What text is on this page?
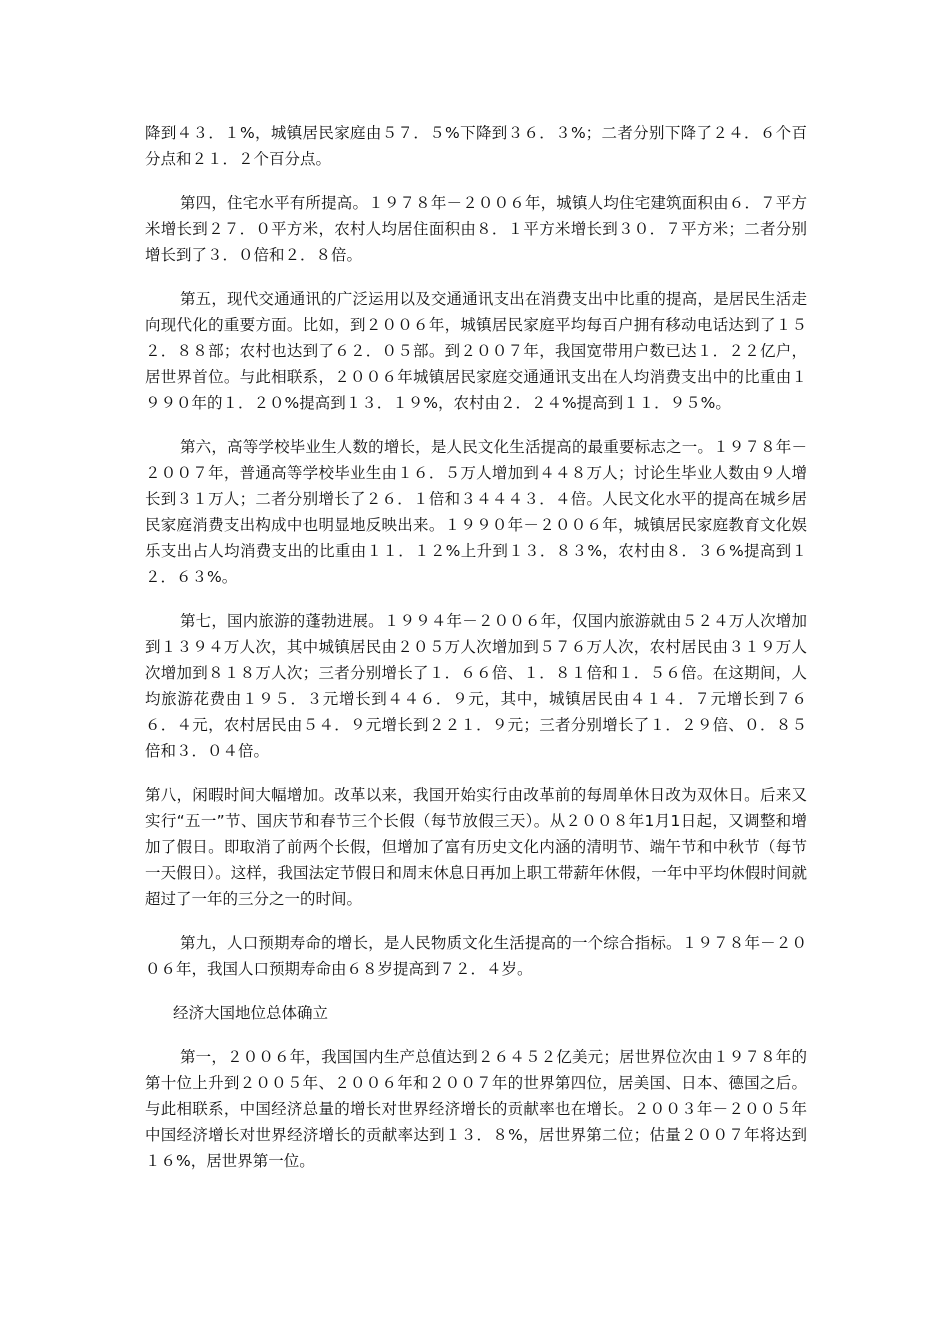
降到４３．１%，城镇居民家庭由５７．５%下降到３６．３%；二者分别下降了２４．６个百分点和２１．２个百分点。

第四，住宅水平有所提高。１９７８年－２００６年，城镇人均住宅建筑面积由６．７平方米增长到２７．０平方米，农村人均居住面积由８．１平方米增长到３０．７平方米；二者分别增长到了３．０倍和２．８倍。

第五，现代交通通讯的广泛运用以及交通通讯支出在消费支出中比重的提高，是居民生活走向现代化的重要方面。比如，到２００６年，城镇居民家庭平均每百户拥有移动电话达到了１５２．８８部；农村也达到了６２．０５部。到２００７年，我国宽带用户数已达１．２２亿户，居世界首位。与此相联系，２００６年城镇居民家庭交通通讯支出在人均消费支出中的比重由１９９０年的１．２０%提高到１３．１９%，农村由２．２４%提高到１１．９５%。

第六，高等学校毕业生人数的增长，是人民文化生活提高的最重要标志之一。１９７８年－２００７年，普通高等学校毕业生由１６．５万人增加到４４８万人；讨论生毕业人数由９人增长到３１万人；二者分别增长了２６．１倍和３４４４３．４倍。人民文化水平的提高在城乡居民家庭消费支出构成中也明显地反映出来。１９９０年－２００６年，城镇居民家庭教育文化娱乐支出占人均消费支出的比重由１１．１２%上升到１３．８３%，农村由８．３６%提高到１２．６３%。

第七，国内旅游的蓬勃进展。１９９４年－２００６年，仅国内旅游就由５２４万人次增加到１３９４万人次，其中城镇居民由２０５万人次增加到５７６万人次，农村居民由３１９万人次增加到８１８万人次；三者分别增长了１．６６倍、１．８１倍和１．５６倍。在这期间，人均旅游花费由１９５．３元增长到４４６．９元，其中，城镇居民由４１４．７元增长到７６６．４元，农村居民由５４．９元增长到２２１．９元；三者分别增长了１．２９倍、０．８５倍和３．０４倍。

第八，闲暇时间大幅增加。改革以来，我国开始实行由改革前的每周单休日改为双休日。后来又实行“五一”节、国庆节和春节三个长假（每节放假三天）。从２００８年1月1日起，又调整和增加了假日。即取消了前两个长假，但增加了富有历史文化内涵的清明节、端午节和中秋节（每节一天假日）。这样，我国法定节假日和周末休息日再加上职工带薪年休假，一年中平均休假时间就超过了一年的三分之一的时间。

第九，人口预期寿命的增长，是人民物质文化生活提高的一个综合指标。１９７８年－２００６年，我国人口预期寿命由６８岁提高到７２．４岁。

经济大国地位总体确立

第一，２００６年，我国国内生产总值达到２６４５２亿美元；居世界位次由１９７８年的第十位上升到２００５年、２００６年和２００７年的世界第四位，居美国、日本、德国之后。与此相联系，中国经济总量的增长对世界经济增长的贡献率也在增长。２００３年－２００５年中国经济增长对世界经济增长的贡献率达到１３．８%，居世界第二位；估量２００７年将达到１６%，居世界第一位。
